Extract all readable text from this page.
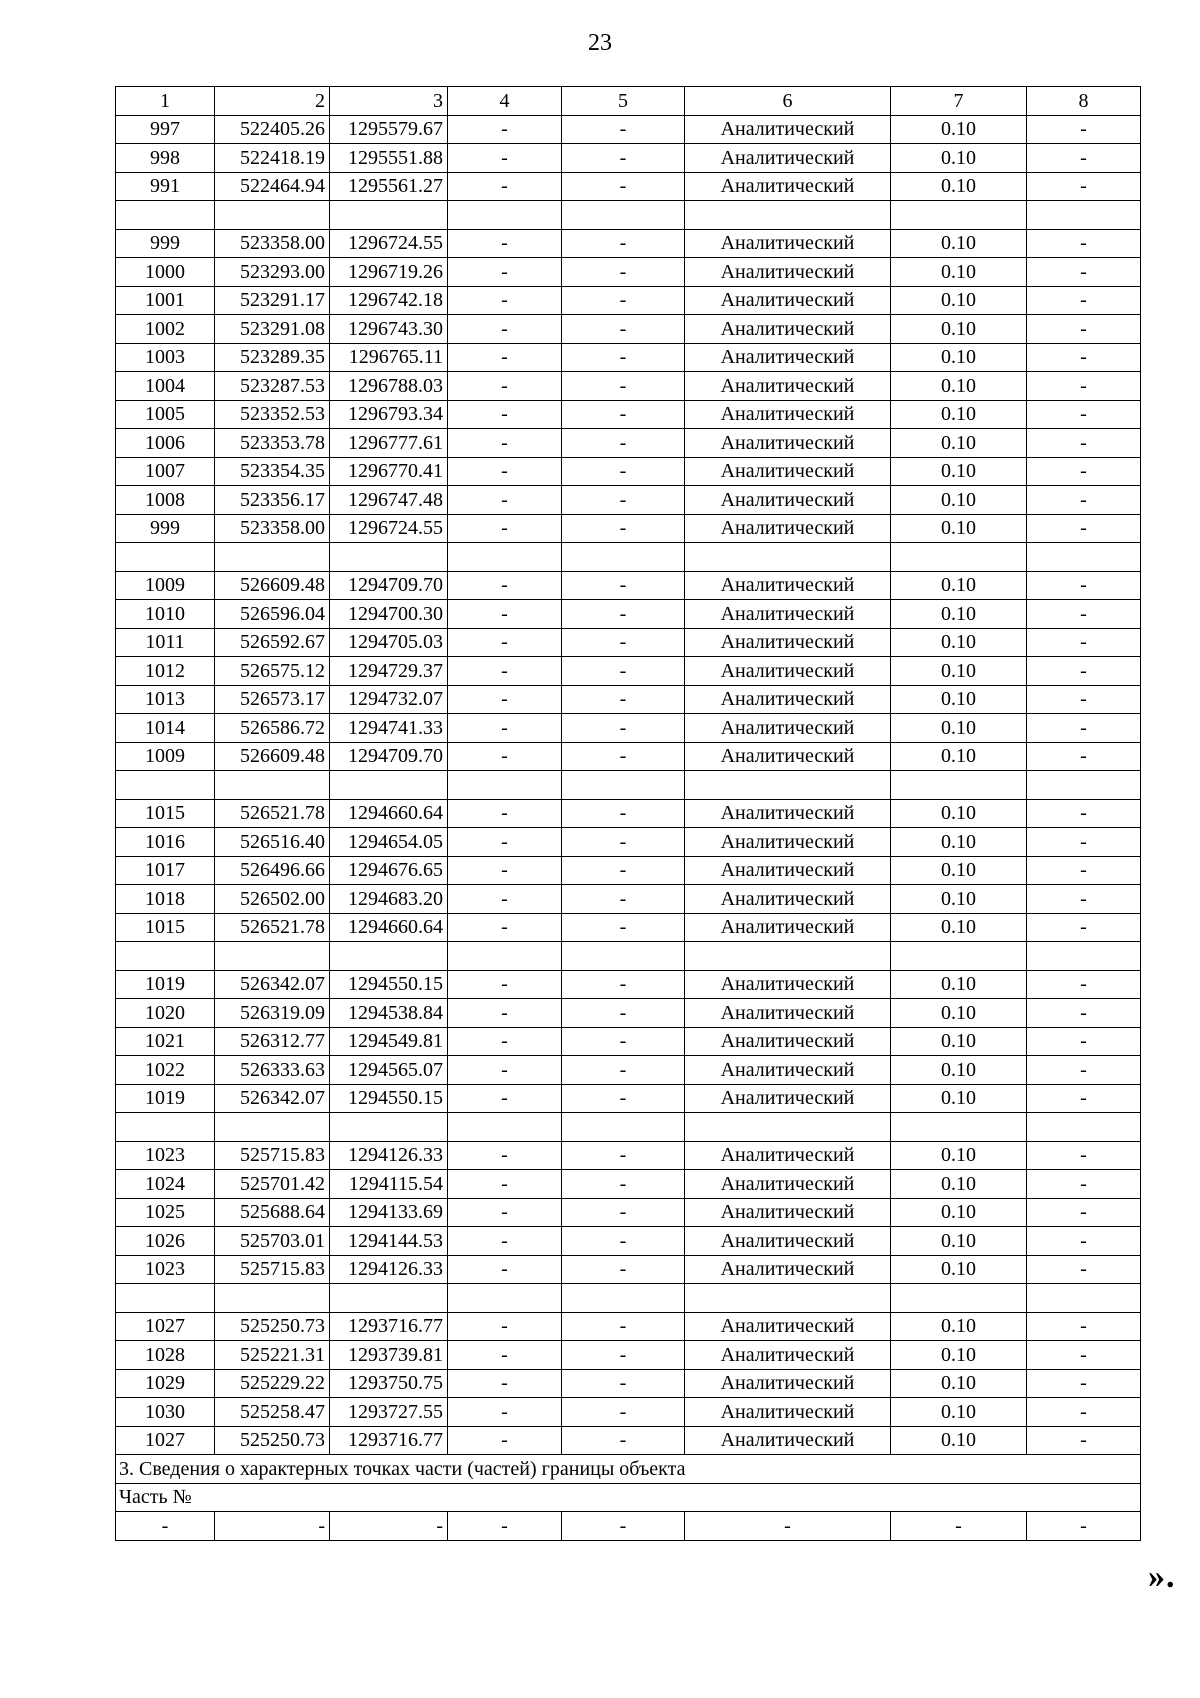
23
1	2	3	4	5	6	7	8
997	522405.26	1295579.67	-	-	Аналитический	0.10	-
998	522418.19	1295551.88	-	-	Аналитический	0.10	-
991	522464.94	1295561.27	-	-	Аналитический	0.10	-

999	523358.00	1296724.55	-	-	Аналитический	0.10	-
1000	523293.00	1296719.26	-	-	Аналитический	0.10	-
1001	523291.17	1296742.18	-	-	Аналитический	0.10	-
1002	523291.08	1296743.30	-	-	Аналитический	0.10	-
1003	523289.35	1296765.11	-	-	Аналитический	0.10	-
1004	523287.53	1296788.03	-	-	Аналитический	0.10	-
1005	523352.53	1296793.34	-	-	Аналитический	0.10	-
1006	523353.78	1296777.61	-	-	Аналитический	0.10	-
1007	523354.35	1296770.41	-	-	Аналитический	0.10	-
1008	523356.17	1296747.48	-	-	Аналитический	0.10	-
999	523358.00	1296724.55	-	-	Аналитический	0.10	-

1009	526609.48	1294709.70	-	-	Аналитический	0.10	-
1010	526596.04	1294700.30	-	-	Аналитический	0.10	-
1011	526592.67	1294705.03	-	-	Аналитический	0.10	-
1012	526575.12	1294729.37	-	-	Аналитический	0.10	-
1013	526573.17	1294732.07	-	-	Аналитический	0.10	-
1014	526586.72	1294741.33	-	-	Аналитический	0.10	-
1009	526609.48	1294709.70	-	-	Аналитический	0.10	-

1015	526521.78	1294660.64	-	-	Аналитический	0.10	-
1016	526516.40	1294654.05	-	-	Аналитический	0.10	-
1017	526496.66	1294676.65	-	-	Аналитический	0.10	-
1018	526502.00	1294683.20	-	-	Аналитический	0.10	-
1015	526521.78	1294660.64	-	-	Аналитический	0.10	-

1019	526342.07	1294550.15	-	-	Аналитический	0.10	-
1020	526319.09	1294538.84	-	-	Аналитический	0.10	-
1021	526312.77	1294549.81	-	-	Аналитический	0.10	-
1022	526333.63	1294565.07	-	-	Аналитический	0.10	-
1019	526342.07	1294550.15	-	-	Аналитический	0.10	-

1023	525715.83	1294126.33	-	-	Аналитический	0.10	-
1024	525701.42	1294115.54	-	-	Аналитический	0.10	-
1025	525688.64	1294133.69	-	-	Аналитический	0.10	-
1026	525703.01	1294144.53	-	-	Аналитический	0.10	-
1023	525715.83	1294126.33	-	-	Аналитический	0.10	-

1027	525250.73	1293716.77	-	-	Аналитический	0.10	-
1028	525221.31	1293739.81	-	-	Аналитический	0.10	-
1029	525229.22	1293750.75	-	-	Аналитический	0.10	-
1030	525258.47	1293727.55	-	-	Аналитический	0.10	-
1027	525250.73	1293716.77	-	-	Аналитический	0.10	-
3. Сведения о характерных точках части (частей) границы объекта							
Часть №							
-	-	-	-	-	-	-	-
».
